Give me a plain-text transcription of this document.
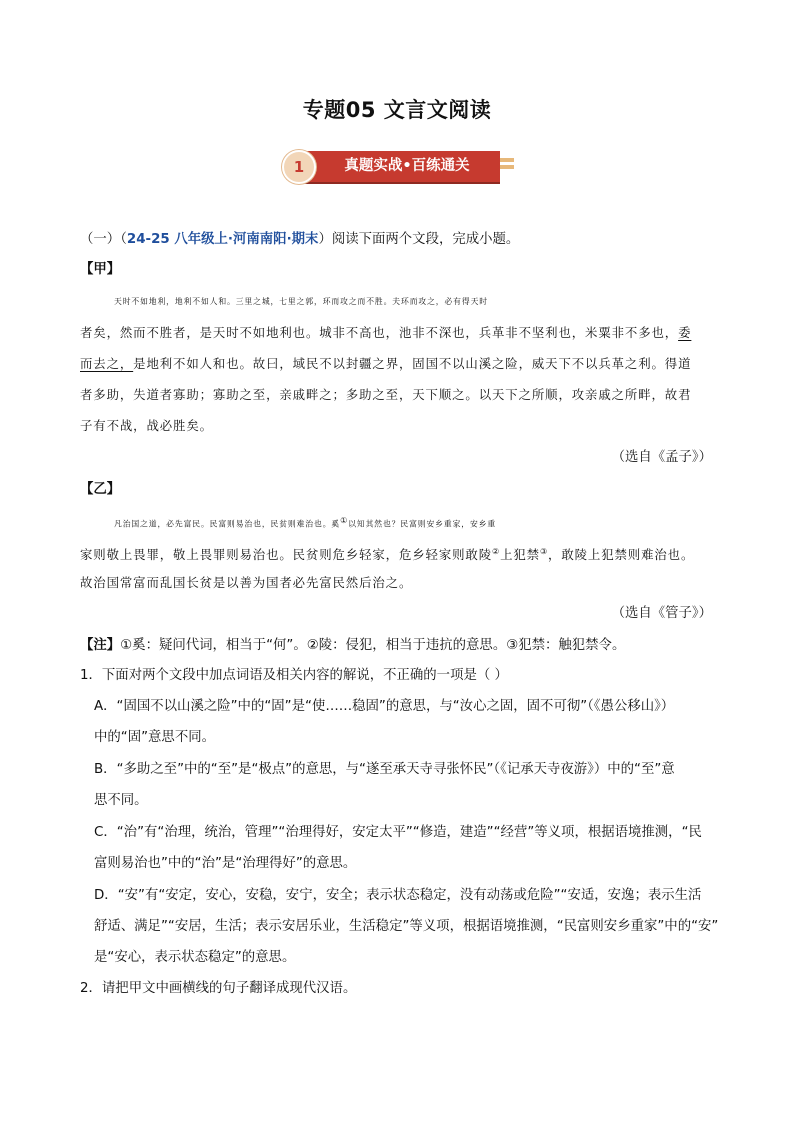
专题05 文言文阅读
1	真题实战•百练通关
（一）（24-25 八年级上·河南南阳·期末）阅读下面两个文段，完成小题。
【甲】
天时不如地利，地利不如人和。三里之城，七里之郭，环而攻之而不胜。夫环而攻之，必有得天时
者矣，然而不胜者，是天时不如地利也。城非不高也，池非不深也，兵革非不坚利也，米粟非不多也，委
而去之，是地利不如人和也。故曰，域民不以封疆之界，固国不以山溪之险，威天下不以兵革之利。得道
者多助，失道者寡助；寡助之至，亲戚畔之；多助之至，天下顺之。以天下之所顺，攻亲戚之所畔，故君
子有不战，战必胜矣。
（选自《孟子》）
【乙】
凡治国之道，必先富民。民富则易治也，民贫则难治也。奚①以知其然也？民富则安乡重家，安乡重
家则敬上畏罪，敬上畏罪则易治也。民贫则危乡轻家，危乡轻家则敢陵②上犯禁③，敢陵上犯禁则难治也。
故治国常富而乱国长贫是以善为国者必先富民然后治之。
（选自《管子》）
【注】①奚：疑问代词，相当于“何”。②陵：侵犯，相当于违抗的意思。③犯禁：触犯禁令。
1．下面对两个文段中加点词语及相关内容的解说，不正确的一项是（ ）
A．“固国不以山溪之险”中的“固”是“使……稳固”的意思，与“汝心之固，固不可彻”（《愚公移山》）
中的“固”意思不同。
B．“多助之至”中的“至”是“极点”的意思，与“遂至承天寺寻张怀民”（《记承天寺夜游》）中的“至”意
思不同。
C．“治”有“治理，统治，管理”“治理得好，安定太平”“修造，建造”“经营”等义项，根据语境推测，“民
富则易治也”中的“治”是“治理得好”的意思。
D．“安”有“安定，安心，安稳，安宁，安全；表示状态稳定，没有动荡或危险”“安适，安逸；表示生活
舒适、满足”“安居，生活；表示安居乐业，生活稳定”等义项，根据语境推测，“民富则安乡重家”中的“安”
是“安心，表示状态稳定”的意思。
2．请把甲文中画横线的句子翻译成现代汉语。
